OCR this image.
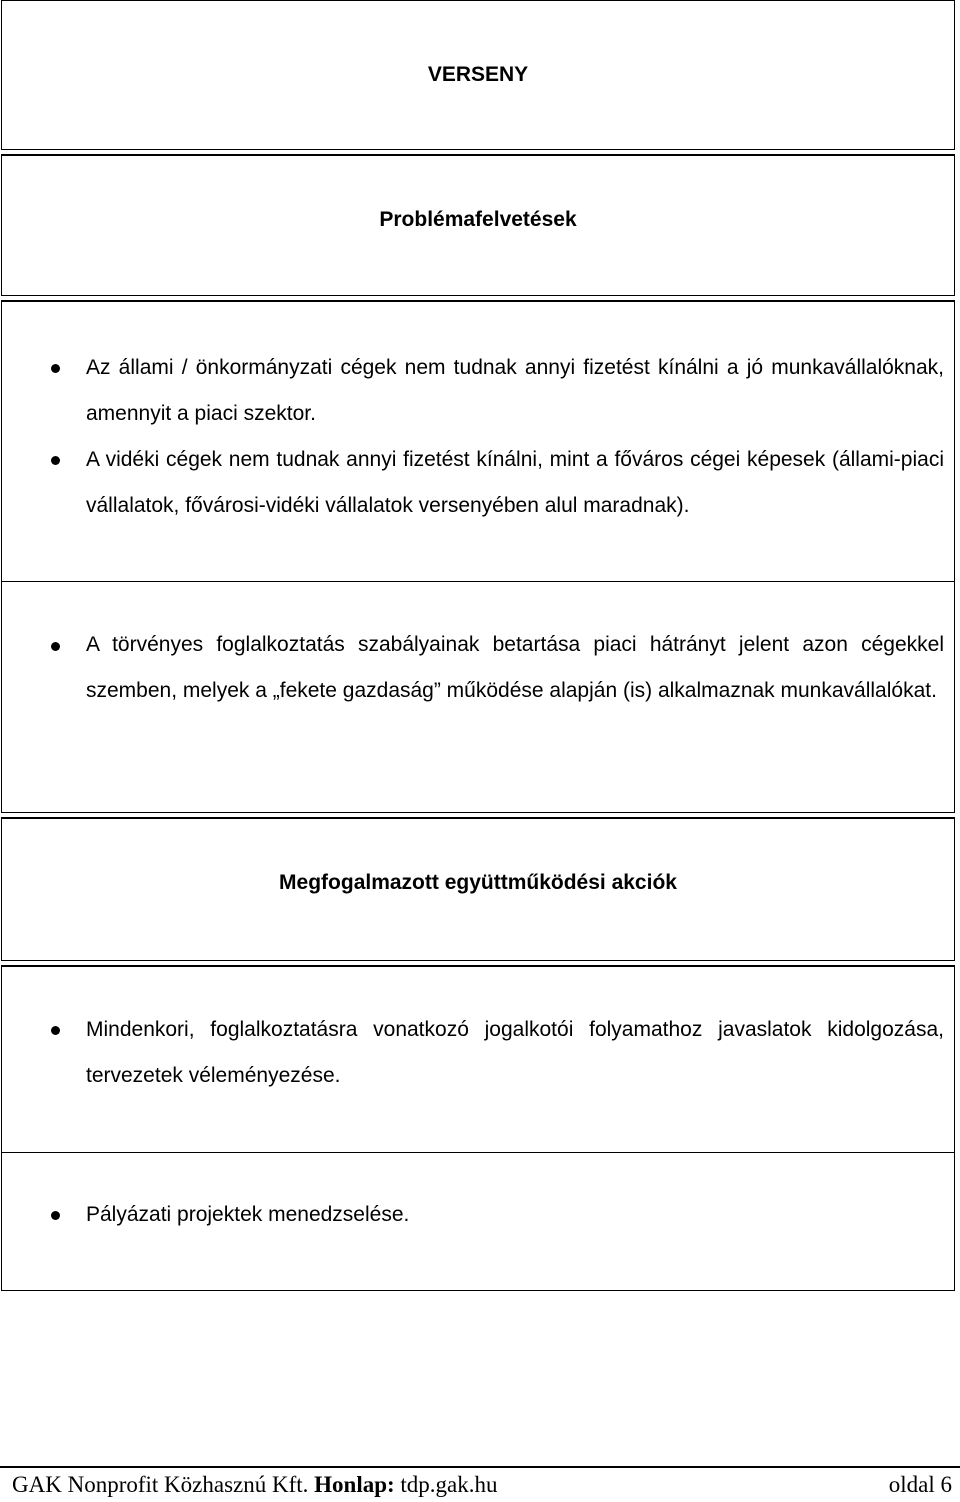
VERSENY
Problémafelvetések
Az állami / önkormányzati cégek nem tudnak annyi fizetést kínálni a jó munkavállalóknak, amennyit a piaci szektor.
A vidéki cégek nem tudnak annyi fizetést kínálni, mint a főváros cégei képesek (állami-piaci vállalatok, fővárosi-vidéki vállalatok versenyében alul maradnak).
A törvényes foglalkoztatás szabályainak betartása piaci hátrányt jelent azon cégekkel szemben, melyek a „fekete gazdaság” működése alapján (is) alkalmaznak munkavállalókat.
Megfogalmazott együttműködési akciók
Mindenkori, foglalkoztatásra vonatkozó jogalkotói folyamathoz javaslatok kidolgozása, tervezetek véleményezése.
Pályázati projektek menedzselése.
GAK Nonprofit Közhasznú Kft. Honlap: tdp.gak.hu	oldal 6
